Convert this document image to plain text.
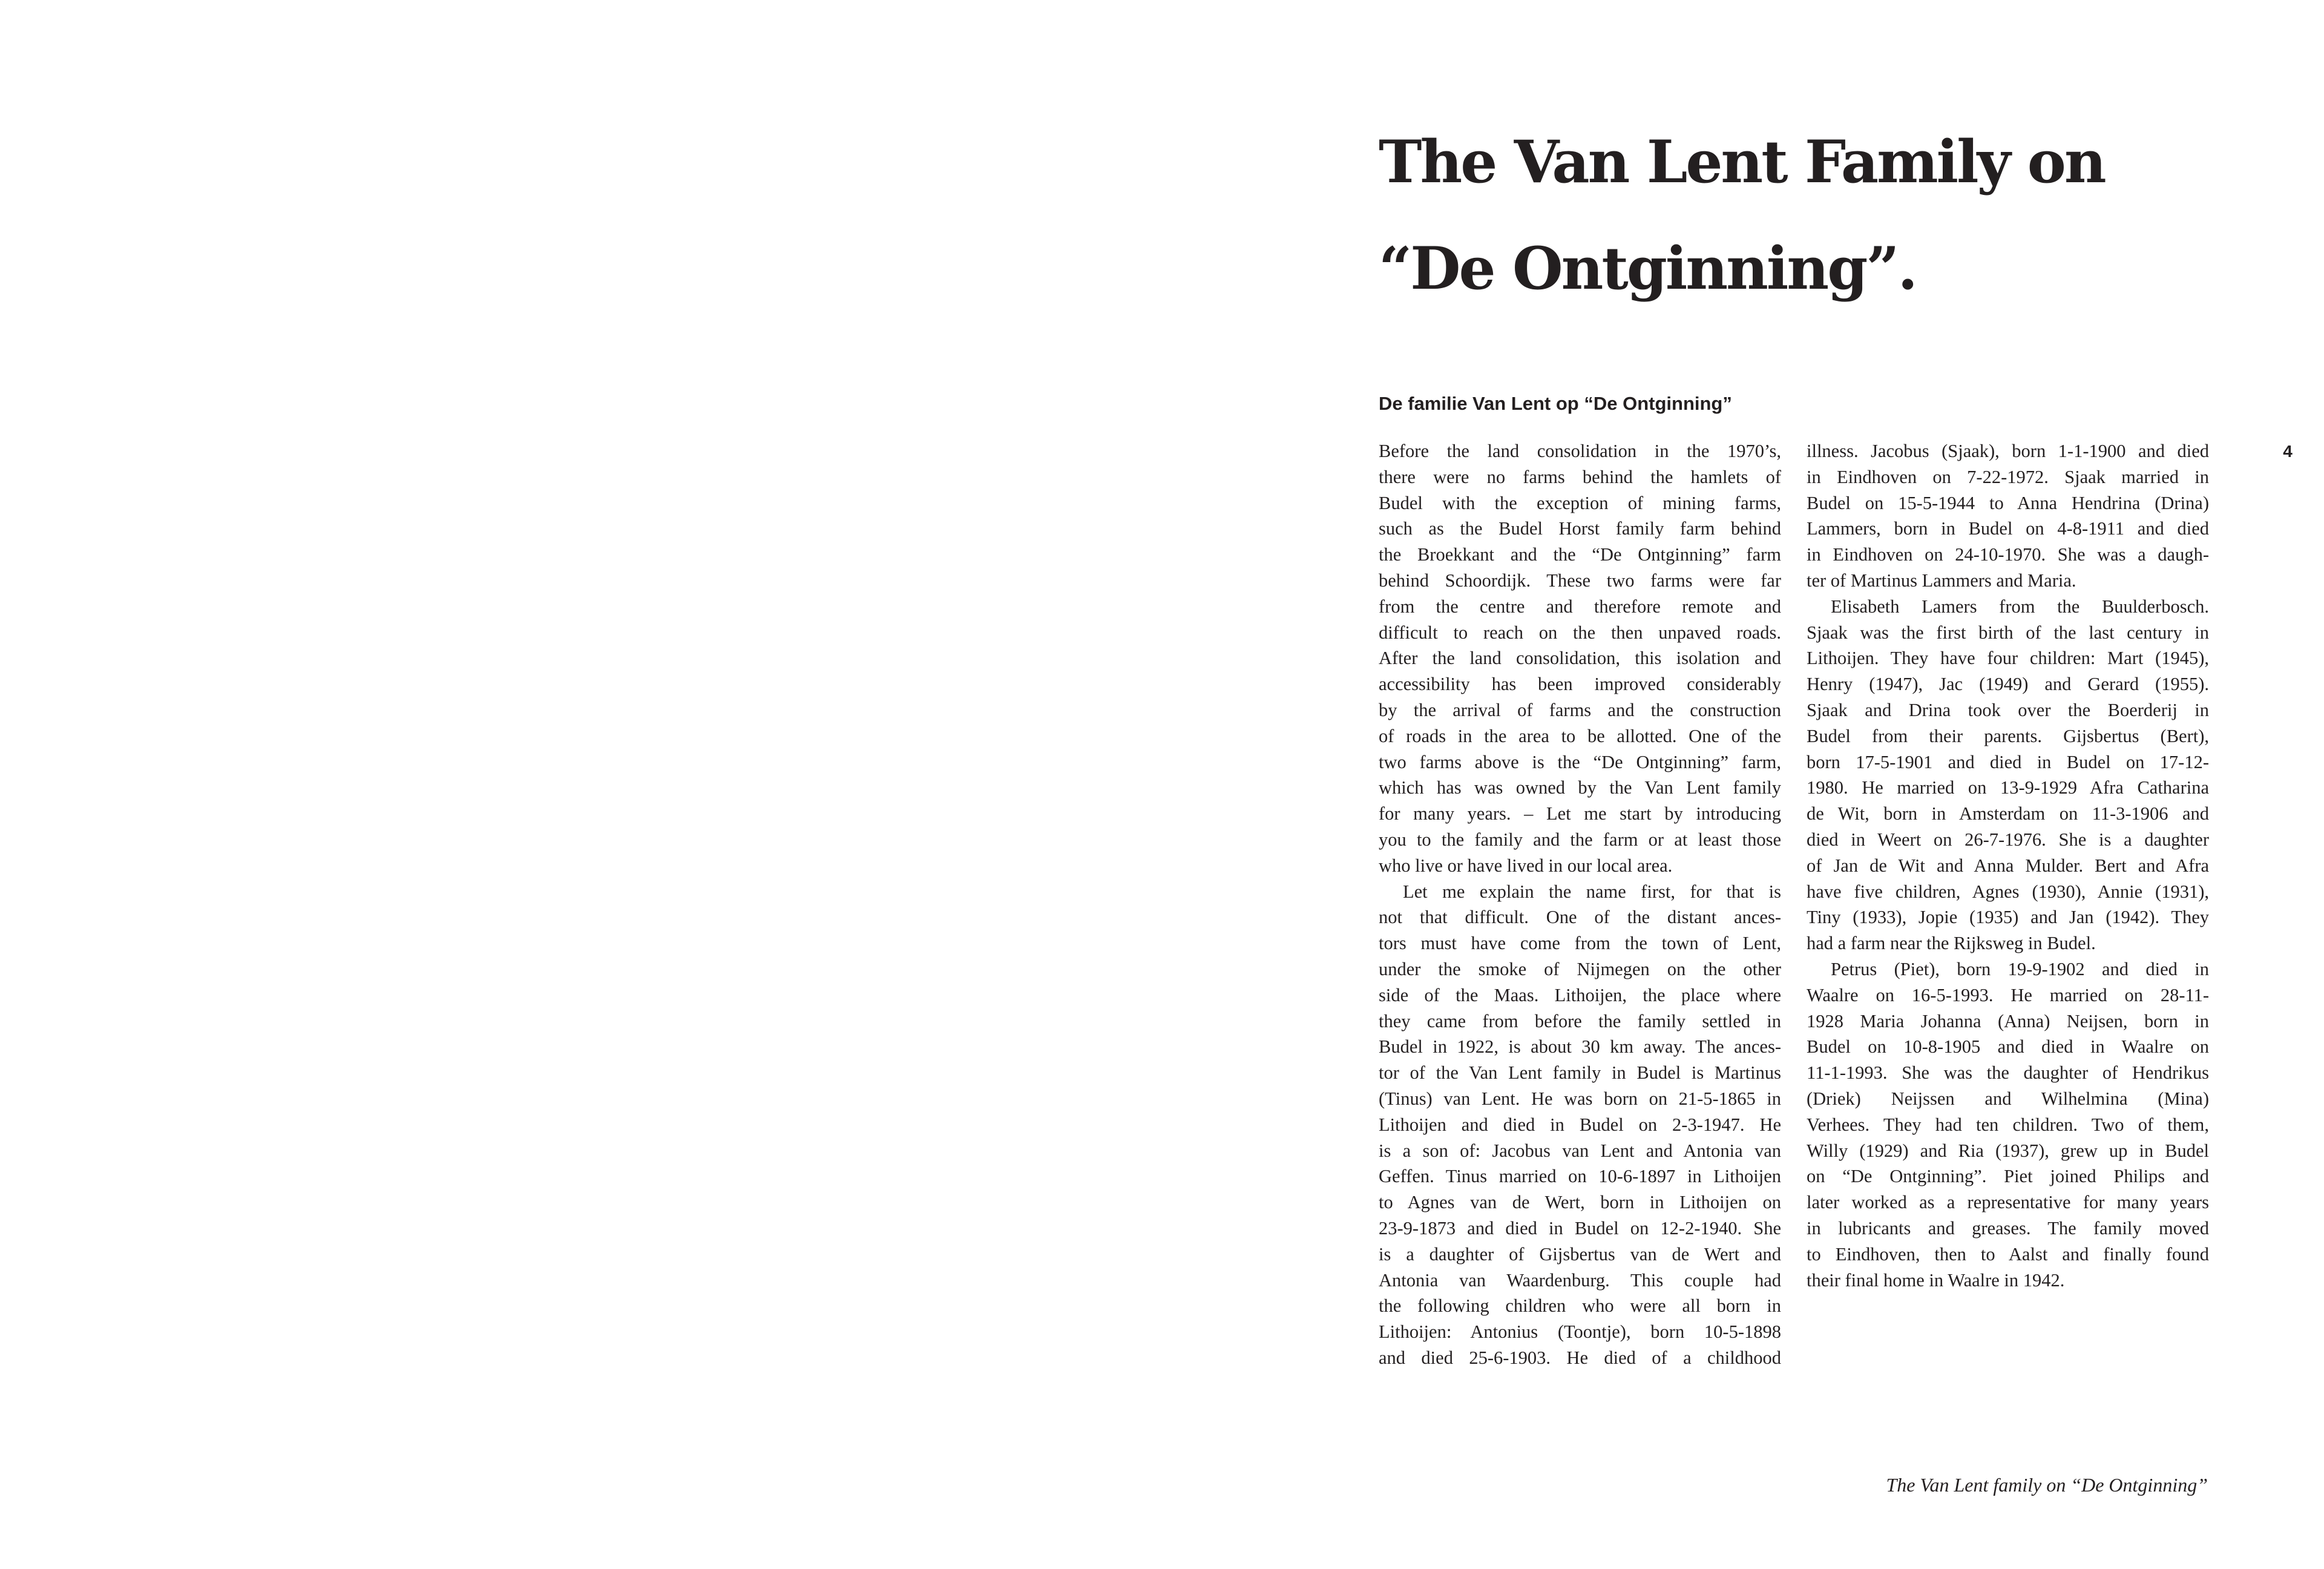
The Van Lent Family on
“De Ontginning”.
De familie Van Lent op “De Ontginning”
4
Before the land consolidation in the 1970’s,
there were no farms behind the hamlets of
Budel with the exception of mining farms,
such as the Budel Horst family farm behind
the Broekkant and the “De Ontginning” farm
behind Schoordijk. These two farms were far
from the centre and therefore remote and
difficult to reach on the then unpaved roads.
After the land consolidation, this isolation and
accessibility has been improved considerably
by the arrival of farms and the construction
of roads in the area to be allotted. One of the
two farms above is the “De Ontginning” farm,
which has was owned by the Van Lent family
for many years. – Let me start by introducing
you to the family and the farm or at least those
who live or have lived in our local area.
Let me explain the name first, for that is
not that difficult. One of the distant ances-
tors must have come from the town of Lent,
under the smoke of Nijmegen on the other
side of the Maas. Lithoijen, the place where
they came from before the family settled in
Budel in 1922, is about 30 km away. The ances-
tor of the Van Lent family in Budel is Martinus
(Tinus) van Lent. He was born on 21-5-1865 in
Lithoijen and died in Budel on 2-3-1947. He
is a son of: Jacobus van Lent and Antonia van
Geffen. Tinus married on 10-6-1897 in Lithoijen
to Agnes van de Wert, born in Lithoijen on
23-9-1873 and died in Budel on 12-2-1940. She
is a daughter of Gijsbertus van de Wert and
Antonia van Waardenburg. This couple had
the following children who were all born in
Lithoijen: Antonius (Toontje), born 10-5-1898
and died 25-6-1903. He died of a childhood
illness. Jacobus (Sjaak), born 1-1-1900 and died
in Eindhoven on 7-22-1972. Sjaak married in
Budel on 15-5-1944 to Anna Hendrina (Drina)
Lammers, born in Budel on 4-8-1911 and died
in Eindhoven on 24-10-1970. She was a daugh-
ter of Martinus Lammers and Maria.
Elisabeth Lamers from the Buulderbosch.
Sjaak was the first birth of the last century in
Lithoijen. They have four children: Mart (1945),
Henry (1947), Jac (1949) and Gerard (1955).
Sjaak and Drina took over the Boerderij in
Budel from their parents. Gijsbertus (Bert),
born 17-5-1901 and died in Budel on 17-12-
1980. He married on 13-9-1929 Afra Catharina
de Wit, born in Amsterdam on 11-3-1906 and
died in Weert on 26-7-1976. She is a daughter
of Jan de Wit and Anna Mulder. Bert and Afra
have five children, Agnes (1930), Annie (1931),
Tiny (1933), Jopie (1935) and Jan (1942). They
had a farm near the Rijksweg in Budel.
Petrus (Piet), born 19-9-1902 and died in
Waalre on 16-5-1993. He married on 28-11-
1928 Maria Johanna (Anna) Neijsen, born in
Budel on 10-8-1905 and died in Waalre on
11-1-1993. She was the daughter of Hendrikus
(Driek) Neijssen and Wilhelmina (Mina)
Verhees. They had ten children. Two of them,
Willy (1929) and Ria (1937), grew up in Budel
on “De Ontginning”. Piet joined Philips and
later worked as a representative for many years
in lubricants and greases. The family moved
to Eindhoven, then to Aalst and finally found
their final home in Waalre in 1942.
The Van Lent family on “De Ontginning”
